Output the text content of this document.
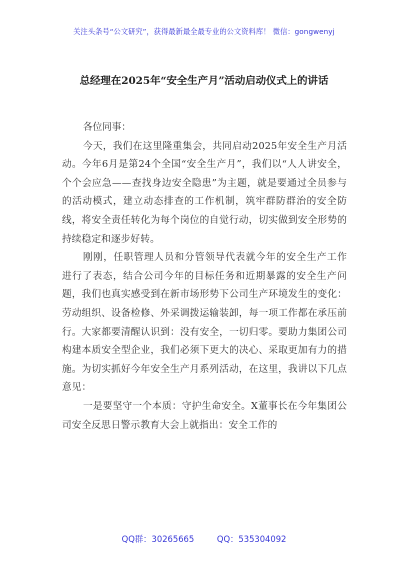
关注头条号“公文研究”，获得最新最全最专业的公文资料库！ 微信：gongwenyj
总经理在2025年“安全生产月”活动启动仪式上的讲话

各位同事：

今天，我们在这里隆重集会，共同启动2025年安全生产月活动。今年6月是第24个全国“安全生产月”，我们以“人人讲安全，个个会应急——查找身边安全隐患”为主题，就是要通过全员参与的活动模式，建立动态排查的工作机制，筑牢群防群治的安全防线，将安全责任转化为每个岗位的自觉行动，切实做到安全形势的持续稳定和逐步好转。

刚刚，任职管理人员和分管领导代表就今年的安全生产工作进行了表态，结合公司今年的目标任务和近期暴露的安全生产问题，我们也真实感受到在新市场形势下公司生产环境发生的变化：劳动组织、设备检修、外采调拨运输装卸，每一项工作都在承压前行。大家都要清醒认识到：没有安全，一切归零。要助力集团公司构建本质安全型企业，我们必须下更大的决心、采取更加有力的措施。为切实抓好今年安全生产月系列活动，在这里，我讲以下几点意见：

一是要坚守一个本质：守护生命安全。X董事长在今年集团公司安全反思日警示教育大会上就指出：安全工作的

QQ群：30265665	QQ：535304092
